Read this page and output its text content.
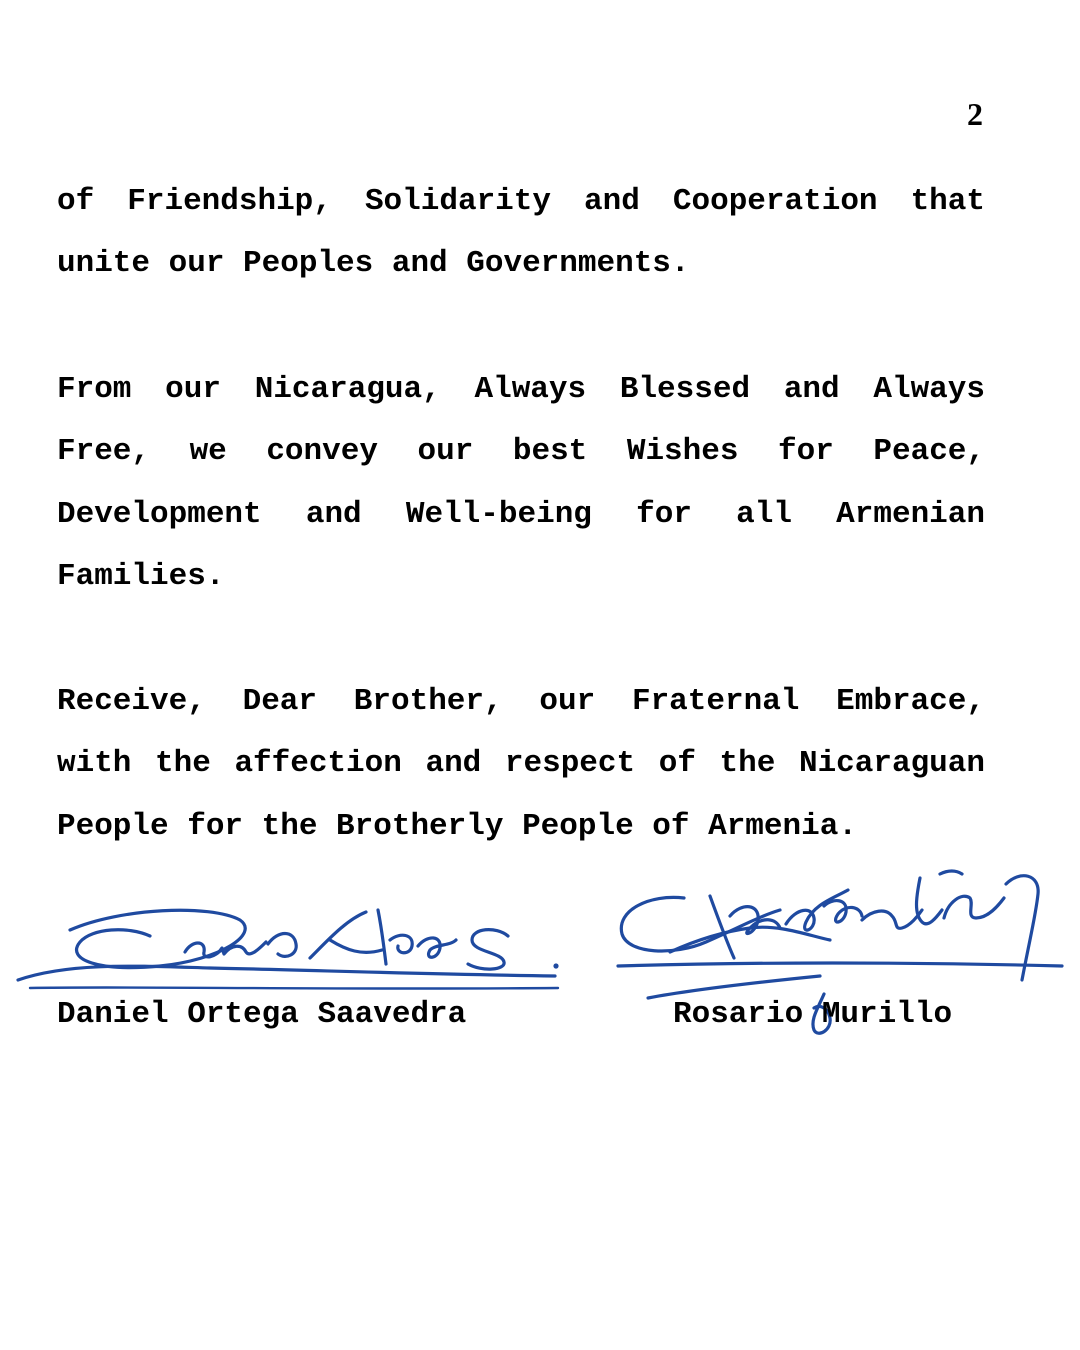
2

of Friendship, Solidarity and Cooperation that
unite our Peoples and Governments.

From our Nicaragua, Always Blessed and Always
Free, we convey our best Wishes for Peace,
Development and Well-being for all Armenian
Families.

Receive, Dear Brother, our Fraternal Embrace,
with the affection and respect of the Nicaraguan
People for the Brotherly People of Armenia.

Daniel Ortega Saavedra	Rosario Murillo
